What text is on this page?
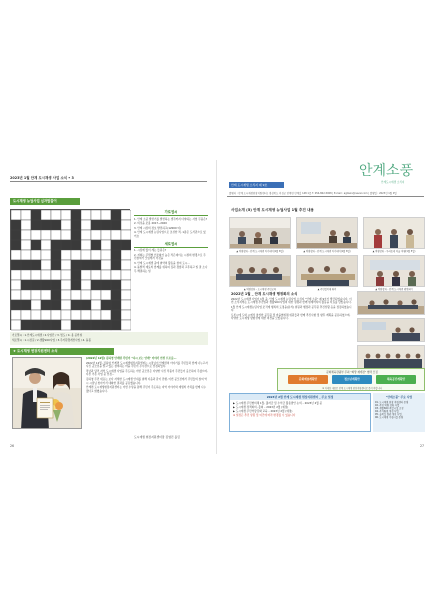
2023년 1월 안계 도시재생 사업 소식 • 3
도시재생 뉴딜사업 십자말풀이
가로열쇠
1. 안계 소중 발전기를 발전하는 생각까지 다양하는 사업 무품은?
2. 의성을 조용 2017~2020
3. 안계 시장의 정보 발전하고(12000 여)
4. 안계 도시재생 뉴딜사업으로 조성한 적, 1층은 도서관으로 있어요
세로열쇠
1. 시장에 많이 게는 들판은?
2. 저희는 주택별 인조화가 높은 작은데이는 시절의 변경으로 주민참여가 모임에서 이것을
3. 안계 도시재생 중에 취약의 활동을 참여 도시...
4. 돌발적 재료의 함께를 위하여 집과 경합과 고후하고 일 잘 소나무 해결하는 일
가로열쇠 : 1.안계도시재생 / 2.사업단 / 3. 빛도 / 4. 용 공학위
세로열쇠 : 1.시장길 / 2.생활SOC사업 / 3.주거환경개선사업 / 4. 돌봄
★ 도시재생 현장지원센터 소식

(2022년 12월) 김하영 안계면 주민이 "다시 보는 안계" 이야기 안전 프로를...

2022년 12월, 김하영 안계면 도시재생현장지원센터는 시장님이 안계면의 이야기를 주민들과 함께 나누고자 사진 공모전을 열고 있는 참여하는 마을 주민이 우수상으로 선정되었다.

작년과 달리 지역 도시재생 사업을 주도하는 이번 공모전은 다양한 사진 작품이 주민들이 응모하여 주셨으며, 다른 기존 사업 중 선정...

김하영 주민 대표는 보다 자세한 도시재생 안내를 위해 다음과 같이 진행, 이번 공모전에서 주민들의 참여 역시 시장님 찾아가서 대화한 결과를 공유했습니다.

안계면 도시재생현장지원센터는 이번 수상을 통해 주민이 주도하는 지역 이야기와 재생의 가치를 함께 나누겠다고 밝혔습니다.

도시재생 현장지원센터장 김영진 올림
26
안계소풍
안계도시재생 소식지
안계 도시재생 소식지 제 9호
발행처 : 안계 도시재생현장지원센터 | 경상북도 의성군 안계면 안계길 148 1층 T. 054-862-5008 | E-mail : agtown@naver.com | 발행일 : 2023년 1월 9일
사업소개 (5) 안계 도시재생 뉴딜사업 1월 추진 내용
▲ 역량강화 - 안계 도시재생 아카데미(1월 6일)	▲ 역량강화 - 안계 도시재생 아카데미(1월 6일)	▲ 역량강화 - 우리동네 마을 여행(1월 5일)
▲ 역량강화 - 도시재생 주민교육	▲ 주민협의체 회의	▲ 역량강화 - 안계 도시재생 행정회의
2022년 1월 _ 안계 도시재생 행정회의 소식

2022년 도시재생 사업이 1월 중, 안계 도시재생 뉴딜사업 소식지 "안계 소풍" 제 9호가 발간되었습니다. 이번 소식지에는 도시재생 추진일과 생활SOC사업의 대한 설명과 함께 현재까지의 활동을 자료를 담았습니다.

1월 안계 도시재생뉴딜사업 조직에 행복의 도정을(분석) 위원과 행정과 공무원 추진상황 등을 점검하였습니다.

토론시에 도와 시에서 참석한 공무원 및 마을협의체 위원들과 함께 추진사항 및 향후 계획을 공유하였으며, 다양한 도시재생 방향성에 대한 의견을 모았습니다.

문화체육관광부 주최 "희망 재개장" 협력 모집
문화예술계획안	청소년계획안	체육공간계획안
※ 자세한 내용은 안계 도시재생 현장지원센터로 문의 바랍니다
2023년 2월 안계 도시재생 현장지원센터 _ 주요 일정
▶ 도시재생 주민협의체 1월, 출자금 및 수익금 활용방안 논의 – 2023년 2월 중
▶ 도시재생 정책회의, 총회 – 2023년 2월 (예정)
▶ 도시재생 주민역량강화 교육 – 2023년 2월 (예정)
※ 일정은 추진 상황 및 여건에 따라 변경될 수 있습니다
"안계소풍" 주요 사업
01. 도시재생 현장 지원센터 운영
02. 주민 역량 강화 사업
03. 생활SOC 복합시설 조성
04. 주거환경 개선 사업
05. 골목길 경관 개선 사업
06. 도시재생 거점시설 운영
27
